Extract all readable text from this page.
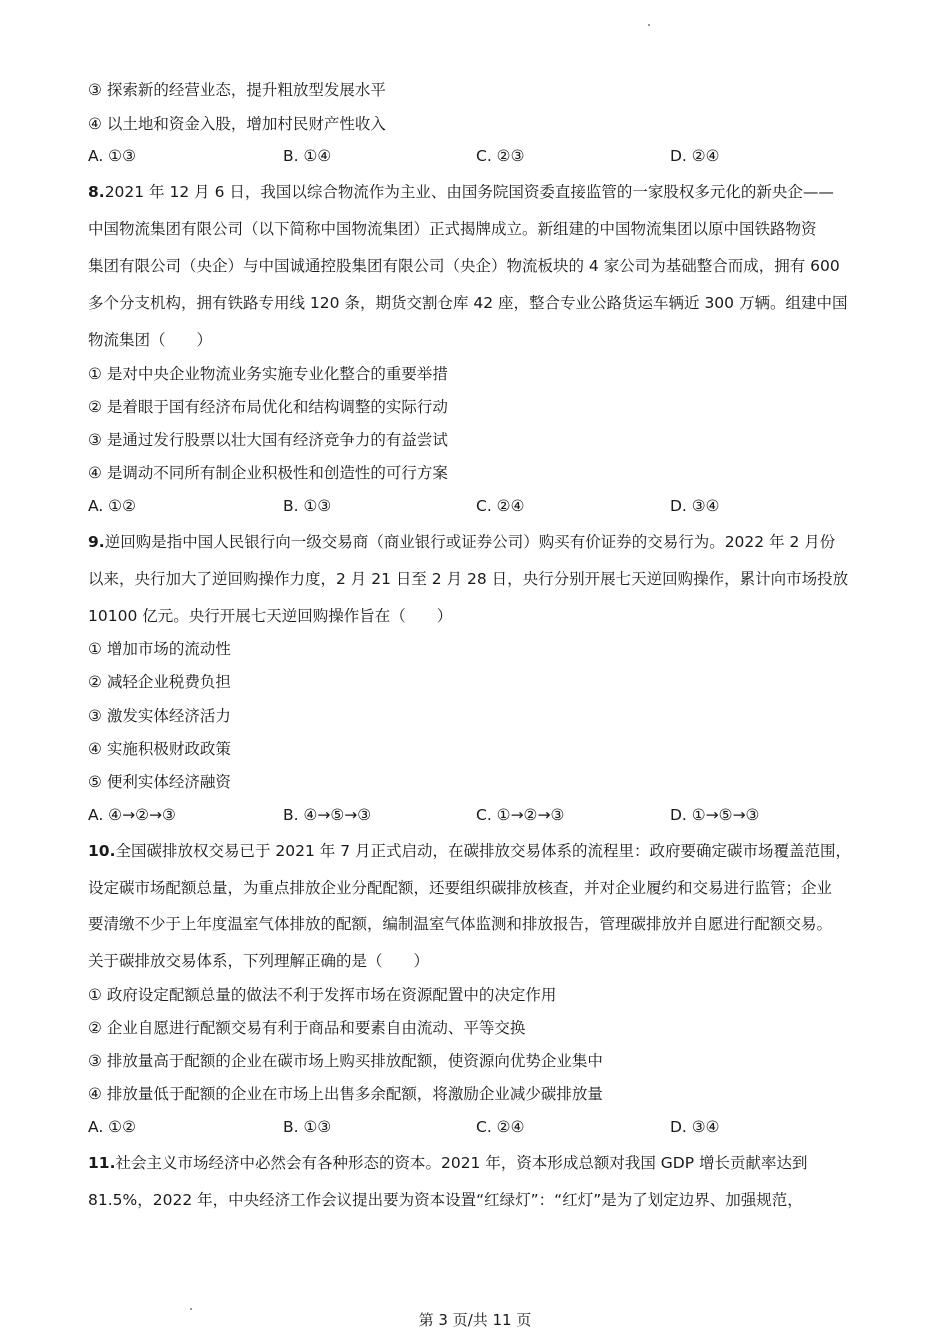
③ 探索新的经营业态，提升粗放型发展水平
④ 以土地和资金入股，增加村民财产性收入
A. ①③	B. ①④	C. ②③	D. ②④
8.2021 年 12 月 6 日，我国以综合物流作为主业、由国务院国资委直接监管的一家股权多元化的新央企——
中国物流集团有限公司（以下简称中国物流集团）正式揭牌成立。新组建的中国物流集团以原中国铁路物资
集团有限公司（央企）与中国诚通控股集团有限公司（央企）物流板块的 4 家公司为基础整合而成，拥有 600
多个分支机构，拥有铁路专用线 120 条，期货交割仓库 42 座，整合专业公路货运车辆近 300 万辆。组建中国
物流集团（　　）
① 是对中央企业物流业务实施专业化整合的重要举措
② 是着眼于国有经济布局优化和结构调整的实际行动
③ 是通过发行股票以壮大国有经济竞争力的有益尝试
④ 是调动不同所有制企业积极性和创造性的可行方案
A. ①②	B. ①③	C. ②④	D. ③④
9.逆回购是指中国人民银行向一级交易商（商业银行或证券公司）购买有价证券的交易行为。2022 年 2 月份
以来，央行加大了逆回购操作力度，2 月 21 日至 2 月 28 日，央行分别开展七天逆回购操作，累计向市场投放
10100 亿元。央行开展七天逆回购操作旨在（　　）
① 增加市场的流动性
② 减轻企业税费负担
③ 激发实体经济活力
④ 实施积极财政政策
⑤ 便利实体经济融资
A. ④→②→③	B. ④→⑤→③	C. ①→②→③	D. ①→⑤→③
10.全国碳排放权交易已于 2021 年 7 月正式启动，在碳排放交易体系的流程里：政府要确定碳市场覆盖范围，
设定碳市场配额总量，为重点排放企业分配配额，还要组织碳排放核查，并对企业履约和交易进行监管；企业
要清缴不少于上年度温室气体排放的配额，编制温室气体监测和排放报告，管理碳排放并自愿进行配额交易。
关于碳排放交易体系，下列理解正确的是（　　）
① 政府设定配额总量的做法不利于发挥市场在资源配置中的决定作用
② 企业自愿进行配额交易有利于商品和要素自由流动、平等交换
③ 排放量高于配额的企业在碳市场上购买排放配额，使资源向优势企业集中
④ 排放量低于配额的企业在市场上出售多余配额，将激励企业减少碳排放量
A. ①②	B. ①③	C. ②④	D. ③④
11.社会主义市场经济中必然会有各种形态的资本。2021 年，资本形成总额对我国 GDP 增长贡献率达到
81.5%，2022 年，中央经济工作会议提出要为资本设置“红绿灯”：“红灯”是为了划定边界、加强规范，
第 3 页/共 11 页
